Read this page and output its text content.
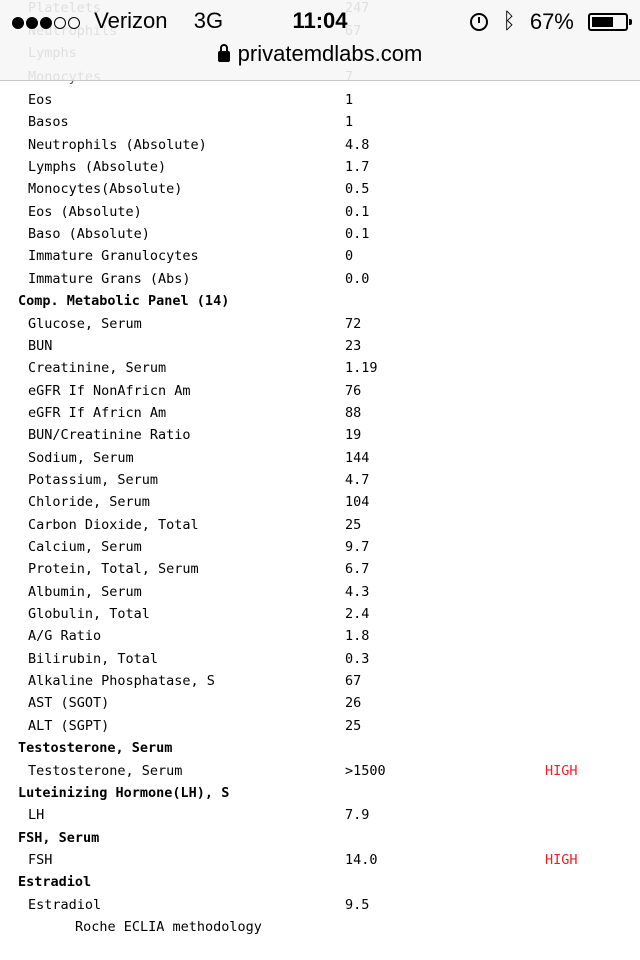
Eos	1
Basos	1
Neutrophils (Absolute)	4.8
Lymphs (Absolute)	1.7
Monocytes(Absolute)	0.5
Eos (Absolute)	0.1
Baso (Absolute)	0.1
Immature Granulocytes	0
Immature Grans (Abs)	0.0
Comp. Metabolic Panel (14)
Glucose, Serum	72
BUN	23
Creatinine, Serum	1.19
eGFR If NonAfricn Am	76
eGFR If Africn Am	88
BUN/Creatinine Ratio	19
Sodium, Serum	144
Potassium, Serum	4.7
Chloride, Serum	104
Carbon Dioxide, Total	25
Calcium, Serum	9.7
Protein, Total, Serum	6.7
Albumin, Serum	4.3
Globulin, Total	2.4
A/G Ratio	1.8
Bilirubin, Total	0.3
Alkaline Phosphatase, S	67
AST (SGOT)	26
ALT (SGPT)	25
Testosterone, Serum
Testosterone, Serum	>1500	HIGH
Luteinizing Hormone(LH), S
LH	7.9
FSH, Serum
FSH	14.0	HIGH
Estradiol
Estradiol	9.5
Roche ECLIA methodology
Verizon 3G	11:04	ᛒ 67%
privatemdlabs.com
